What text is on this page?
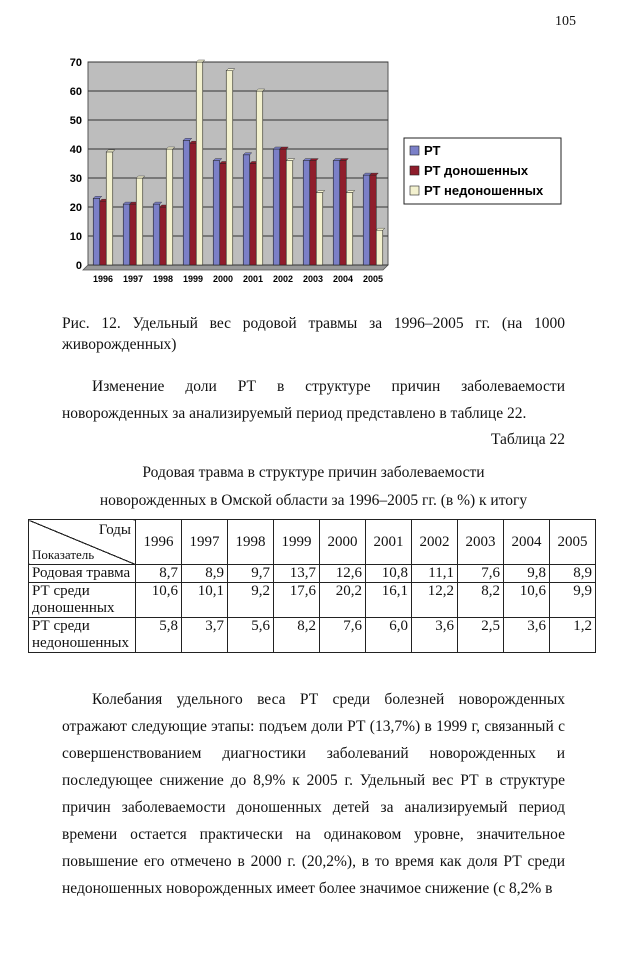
105
0
10
20
30
40
50
60
70
1996 1997 1998 1999 2000 2001 2002 2003 2004 2005
РТ
РТ доношенных
РТ недоношенных
Рис. 12. Удельный вес родовой травмы за 1996–2005 гг. (на 1000 живорожденных)
Изменение доли РТ в структуре причин заболеваемости новорожденных за анализируемый период представлено в таблице 22.
Таблица 22
Родовая травма в структуре причин заболеваемости
новорожденных в Омской области за 1996–2005 гг. (в %) к итогу
Годы
Показатель	1996	1997	1998	1999	2000	2001	2002	2003	2004	2005
Родовая травма	8,7	8,9	9,7	13,7	12,6	10,8	11,1	7,6	9,8	8,9
РТ среди доношенных	10,6	10,1	9,2	17,6	20,2	16,1	12,2	8,2	10,6	9,9
РТ среди недоношенных	5,8	3,7	5,6	8,2	7,6	6,0	3,6	2,5	3,6	1,2
Колебания удельного веса РТ среди болезней новорожденных отражают следующие этапы: подъем доли РТ (13,7%) в 1999 г, связанный с совершенствованием диагностики заболеваний новорожденных и последующее снижение до 8,9% к 2005 г. Удельный вес РТ в структуре причин заболеваемости доношенных детей за анализируемый период времени остается практически на одинаковом уровне, значительное повышение его отмечено в 2000 г. (20,2%), в то время как доля РТ среди недоношенных новорожденных имеет более значимое снижение (с 8,2% в
